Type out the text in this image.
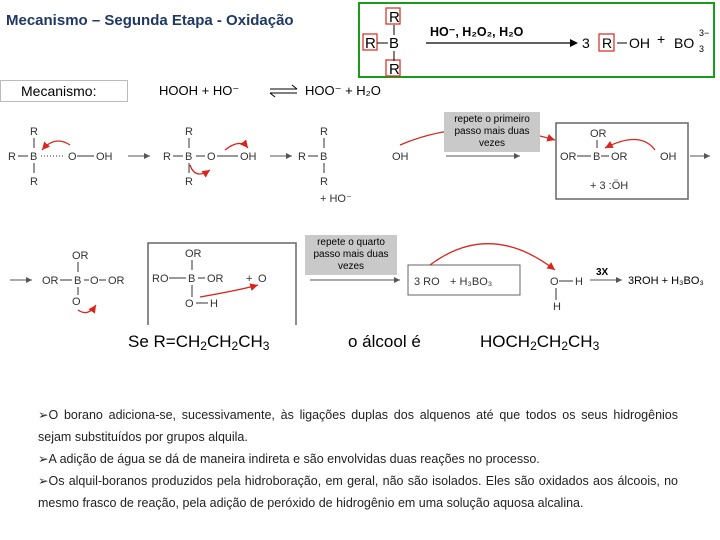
Mecanismo – Segunda Etapa - Oxidação	R
R B
R
HO⁻, H₂O₂, H₂O
3 R OH + BO 3
3−
Mecanismo:	HOOH + HO⁻	HOO⁻ + H₂O
R
R B
R
O OH
R
R B
R
O OH
R
R B
R
OH
+ HO⁻
OR
OR B OR
+ 3 :ÖH
OH
repete o primeiro passo mais duas vezes
OR
OR B O
O
OR
OR
RO B OR
O H
O
+	3 RO + H₃BO₃	O H
H
3X
3ROH + H₃BO₃
repete o quarto passo mais duas vezes
Se $R=CH_2CH_2CH_3$	o álcool é	$HOCH_2CH_2CH_3$
➢O borano adiciona-se, sucessivamente, às ligações duplas dos alquenos até que todos os seus hidrogênios sejam substituídos por grupos alquila.
➢A adição de água se dá de maneira indireta e são envolvidas duas reações no processo.
➢Os alquil-boranos produzidos pela hidroboração, em geral, não são isolados. Eles são oxidados aos álcoois, no mesmo frasco de reação, pela adição de peróxido de hidrogênio em uma solução aquosa alcalina.
